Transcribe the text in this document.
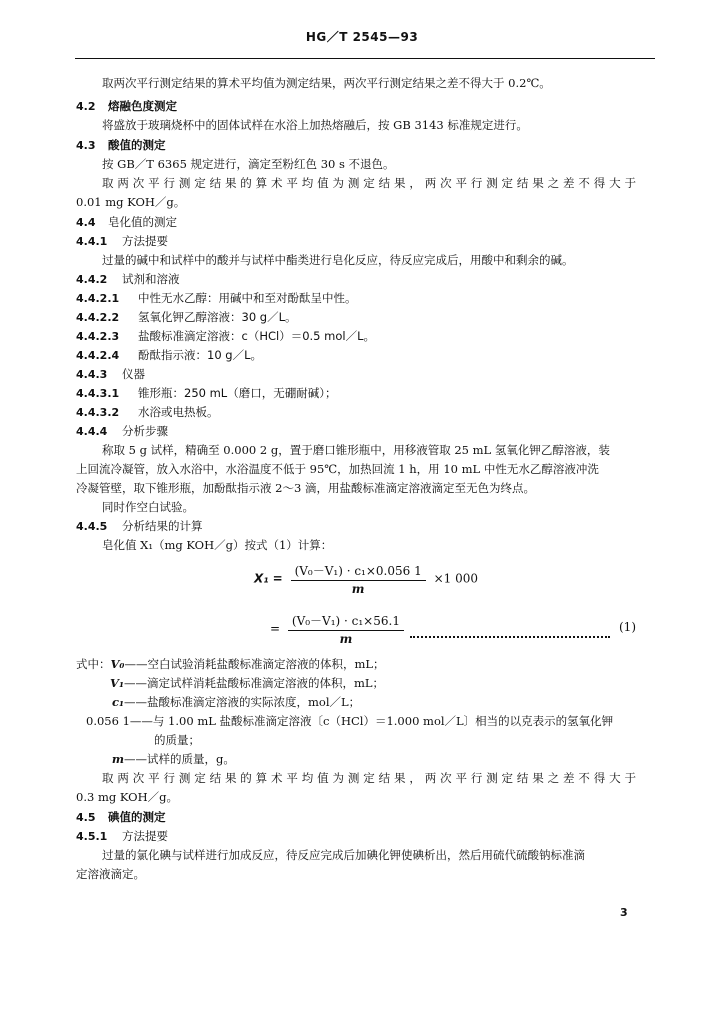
HG／T 2545—93
取两次平行测定结果的算术平均值为测定结果，两次平行测定结果之差不得大于 0.2℃。
4.2 熔融色度测定
将盛放于玻璃烧杯中的固体试样在水浴上加热熔融后，按 GB 3143 标准规定进行。
4.3 酸值的测定
按 GB／T 6365 规定进行，滴定至粉红色 30 s 不退色。
取两次平行测定结果的算术平均值为测定结果，两次平行测定结果之差不得大于
0.01 mg KOH／g。
4.4 皂化值的测定
4.4.1 方法提要
过量的碱中和试样中的酸并与试样中酯类进行皂化反应，待反应完成后，用酸中和剩余的碱。
4.4.2 试剂和溶液
4.4.2.1 中性无水乙醇：用碱中和至对酚酞呈中性。
4.4.2.2 氢氧化钾乙醇溶液：30 g／L。
4.4.2.3 盐酸标准滴定溶液：c（HCl）＝0.5 mol／L。
4.4.2.4 酚酞指示液：10 g／L。
4.4.3 仪器
4.4.3.1 锥形瓶：250 mL（磨口，无硼耐碱）；
4.4.3.2 水浴或电热板。
4.4.4 分析步骤
称取 5 g 试样，精确至 0.000 2 g，置于磨口锥形瓶中，用移液管取 25 mL 氢氧化钾乙醇溶液，装
上回流冷凝管，放入水浴中，水浴温度不低于 95℃，加热回流 1 h，用 10 mL 中性无水乙醇溶液冲洗
冷凝管壁，取下锥形瓶，加酚酞指示液 2～3 滴，用盐酸标准滴定溶液滴定至无色为终点。
同时作空白试验。
4.4.5 分析结果的计算
皂化值 X₁（mg KOH／g）按式（1）计算：
$X_1 = \frac{\text{(V₀－V₁) · c₁×0.056 1}}{m} \times 1$ 000
= $\frac{\text{(V₀－V₁) · c₁×56.1}}{m}$	(1)
式中：V₀——空白试验消耗盐酸标准滴定溶液的体积，mL；
V₁——滴定试样消耗盐酸标准滴定溶液的体积，mL；
c₁——盐酸标准滴定溶液的实际浓度，mol／L；
0.056 1——与 1.00 mL 盐酸标准滴定溶液〔c（HCl）＝1.000 mol／L〕相当的以克表示的氢氧化钾
的质量；
m——试样的质量，g。
取两次平行测定结果的算术平均值为测定结果，两次平行测定结果之差不得大于
0.3 mg KOH／g。
4.5 碘值的测定
4.5.1 方法提要
过量的氯化碘与试样进行加成反应，待反应完成后加碘化钾使碘析出，然后用硫代硫酸钠标准滴
定溶液滴定。
3
